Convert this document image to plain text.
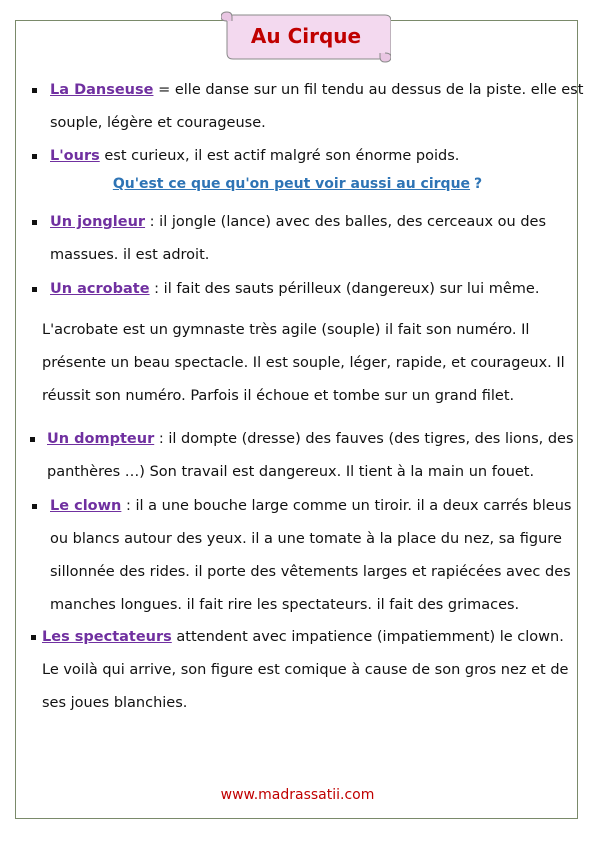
Au Cirque

La Danseuse = elle danse sur un fil tendu au dessus de la piste. elle est

souple, légère et courageuse.

L'ours est curieux, il est actif malgré son énorme poids.

Qu'est ce que qu'on peut voir aussi au cirque ?

Un jongleur : il jongle (lance) avec des balles, des cerceaux ou des

massues. il est adroit.

Un acrobate : il fait des sauts périlleux (dangereux) sur lui même.

L'acrobate est un gymnaste très agile (souple) il fait son numéro. Il

présente un beau spectacle. Il est souple, léger, rapide, et courageux. Il

réussit son numéro. Parfois il échoue et tombe sur un grand filet.

Un dompteur : il dompte (dresse) des fauves (des tigres, des lions, des

panthères …) Son travail est dangereux. Il tient à la main un fouet.

Le clown : il a une bouche large comme un tiroir. il a deux carrés bleus

ou blancs autour des yeux. il a une tomate à la place du nez, sa figure

sillonnée des rides. il porte des vêtements larges et rapiécées avec des

manches longues. il fait rire les spectateurs. il fait des grimaces.

Les spectateurs attendent avec impatience (impatiemment) le clown.

Le voilà qui arrive, son figure est comique à cause de son gros nez et de

ses joues blanchies.

www.madrassatii.com
